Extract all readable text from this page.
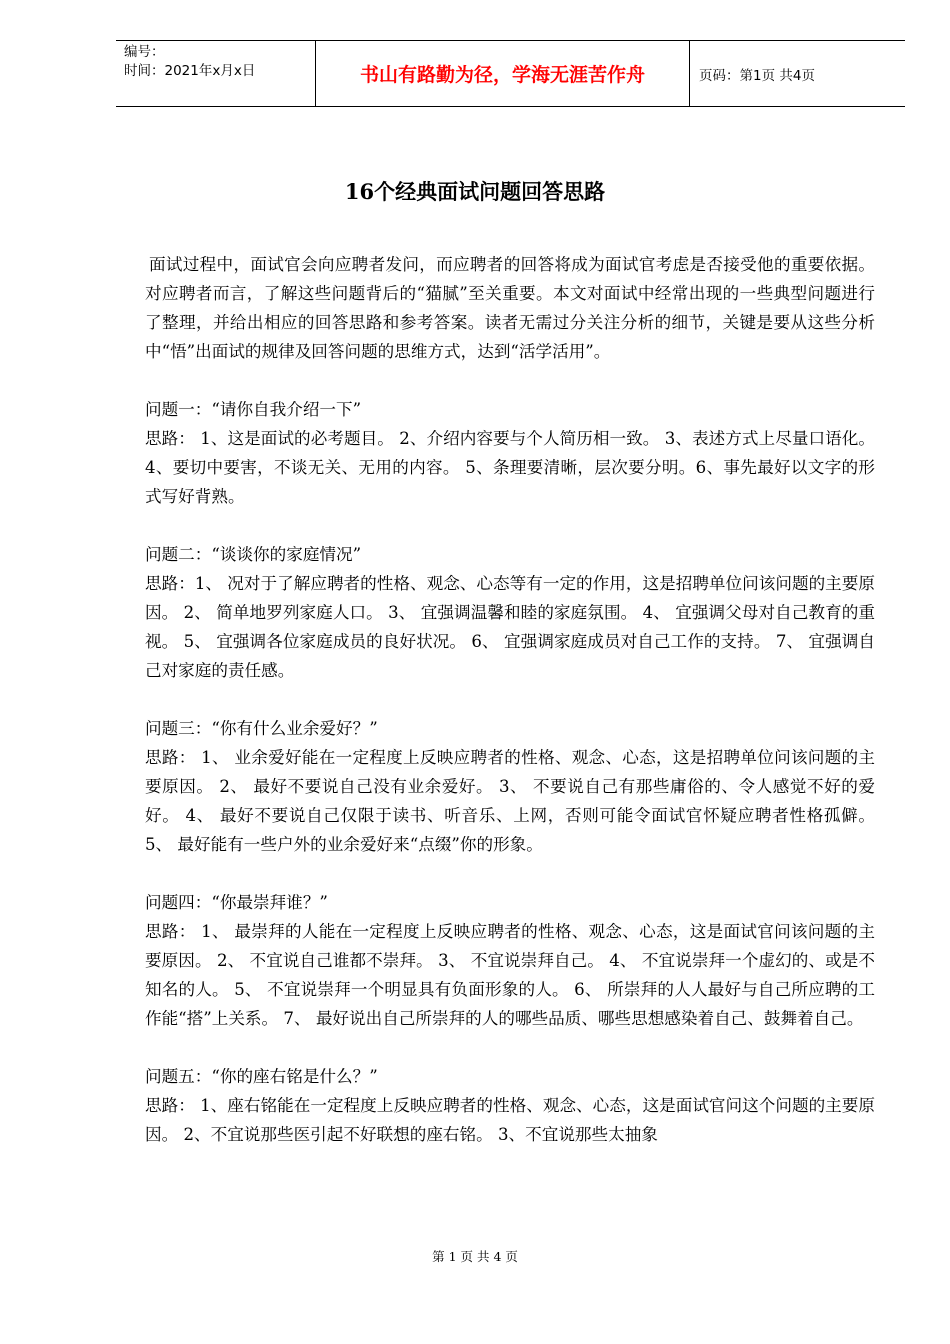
编号：
时间：2021年x月x日	书山有路勤为径，学海无涯苦作舟	页码：第1页 共4页
16个经典面试问题回答思路

面试过程中，面试官会向应聘者发问，而应聘者的回答将成为面试官考虑是否接受他的重要依据。对应聘者而言，了解这些问题背后的“猫腻”至关重要。本文对面试中经常出现的一些典型问题进行了整理，并给出相应的回答思路和参考答案。读者无需过分关注分析的细节，关键是要从这些分析中“悟”出面试的规律及回答问题的思维方式，达到“活学活用”。

问题一：“请你自我介绍一下”

思路： 1、这是面试的必考题目。 2、介绍内容要与个人简历相一致。 3、表述方式上尽量口语化。 4、要切中要害，不谈无关、无用的内容。 5、条理要清晰，层次要分明。6、事先最好以文字的形式写好背熟。

问题二：“谈谈你的家庭情况”

思路：1、 况对于了解应聘者的性格、观念、心态等有一定的作用，这是招聘单位问该问题的主要原因。 2、 简单地罗列家庭人口。 3、 宜强调温馨和睦的家庭氛围。 4、 宜强调父母对自己教育的重视。 5、 宜强调各位家庭成员的良好状况。 6、 宜强调家庭成员对自己工作的支持。 7、 宜强调自己对家庭的责任感。

问题三：“你有什么业余爱好？”

思路： 1、 业余爱好能在一定程度上反映应聘者的性格、观念、心态，这是招聘单位问该问题的主要原因。 2、 最好不要说自己没有业余爱好。 3、 不要说自己有那些庸俗的、令人感觉不好的爱好。 4、 最好不要说自己仅限于读书、听音乐、上网，否则可能令面试官怀疑应聘者性格孤僻。 5、 最好能有一些户外的业余爱好来“点缀”你的形象。

问题四：“你最崇拜谁？”

思路： 1、 最崇拜的人能在一定程度上反映应聘者的性格、观念、心态，这是面试官问该问题的主要原因。 2、 不宜说自己谁都不崇拜。 3、 不宜说崇拜自己。 4、 不宜说崇拜一个虚幻的、或是不知名的人。 5、 不宜说崇拜一个明显具有负面形象的人。 6、 所崇拜的人人最好与自己所应聘的工作能“搭”上关系。 7、 最好说出自己所崇拜的人的哪些品质、哪些思想感染着自己、鼓舞着自己。

问题五：“你的座右铭是什么？”

思路： 1、座右铭能在一定程度上反映应聘者的性格、观念、心态，这是面试官问这个问题的主要原因。 2、不宜说那些医引起不好联想的座右铭。 3、不宜说那些太抽象

第 1 页 共 4 页
